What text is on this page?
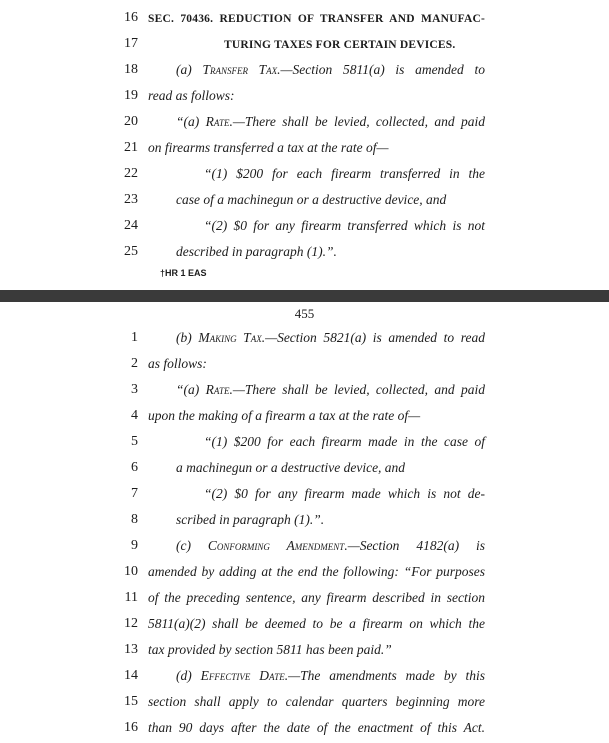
16 SEC. 70436. REDUCTION OF TRANSFER AND MANUFAC-
17	TURING TAXES FOR CERTAIN DEVICES.
18	(a) Transfer Tax.—Section 5811(a) is amended to
19 read as follows:
20	“(a) Rate.—There shall be levied, collected, and paid
21 on firearms transferred a tax at the rate of—
22	“(1) $200 for each firearm transferred in the
23	case of a machinegun or a destructive device, and
24	“(2) $0 for any firearm transferred which is not
25	described in paragraph (1).”.
†HR 1 EAS
455
1	(b) Making Tax.—Section 5821(a) is amended to read
2 as follows:
3	“(a) Rate.—There shall be levied, collected, and paid
4 upon the making of a firearm a tax at the rate of—
5	“(1) $200 for each firearm made in the case of
6	a machinegun or a destructive device, and
7	“(2) $0 for any firearm made which is not de-
8	scribed in paragraph (1).”.
9	(c) Conforming Amendment.—Section 4182(a) is
10 amended by adding at the end the following: “For purposes
11 of the preceding sentence, any firearm described in section
12 5811(a)(2) shall be deemed to be a firearm on which the
13 tax provided by section 5811 has been paid.”
14	(d) Effective Date.—The amendments made by this
15 section shall apply to calendar quarters beginning more
16 than 90 days after the date of the enactment of this Act.
